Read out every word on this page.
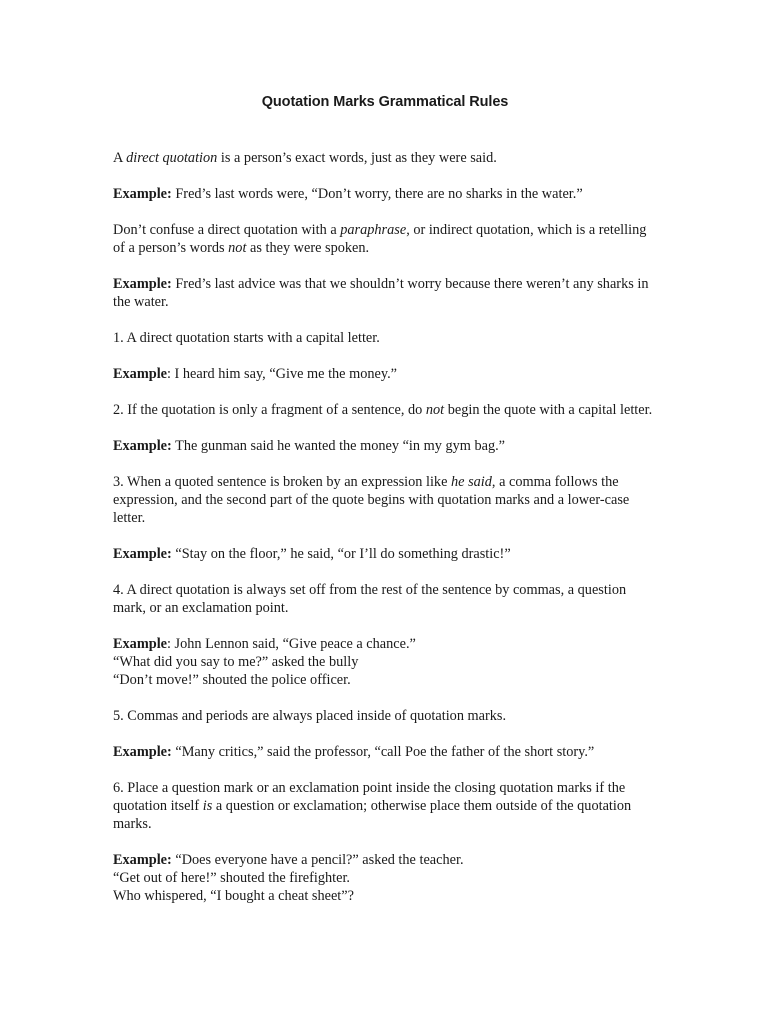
Quotation Marks Grammatical Rules

A direct quotation is a person’s exact words, just as they were said.

Example: Fred’s last words were, “Don’t worry, there are no sharks in the water.”

Don’t confuse a direct quotation with a paraphrase, or indirect quotation, which is a retelling of a person’s words not as they were spoken.

Example: Fred’s last advice was that we shouldn’t worry because there weren’t any sharks in the water.

1. A direct quotation starts with a capital letter.

Example: I heard him say, “Give me the money.”

2. If the quotation is only a fragment of a sentence, do not begin the quote with a capital letter.

Example: The gunman said he wanted the money “in my gym bag.”

3. When a quoted sentence is broken by an expression like he said, a comma follows the expression, and the second part of the quote begins with quotation marks and a lower-case letter.

Example: “Stay on the floor,” he said, “or I’ll do something drastic!”

4. A direct quotation is always set off from the rest of the sentence by commas, a question mark, or an exclamation point.

Example: John Lennon said, “Give peace a chance.”
“What did you say to me?” asked the bully
“Don’t move!” shouted the police officer.

5. Commas and periods are always placed inside of quotation marks.

Example: “Many critics,” said the professor, “call Poe the father of the short story.”

6. Place a question mark or an exclamation point inside the closing quotation marks if the quotation itself is a question or exclamation; otherwise place them outside of the quotation marks.

Example: “Does everyone have a pencil?” asked the teacher.
“Get out of here!” shouted the firefighter.
Who whispered, “I bought a cheat sheet”?
